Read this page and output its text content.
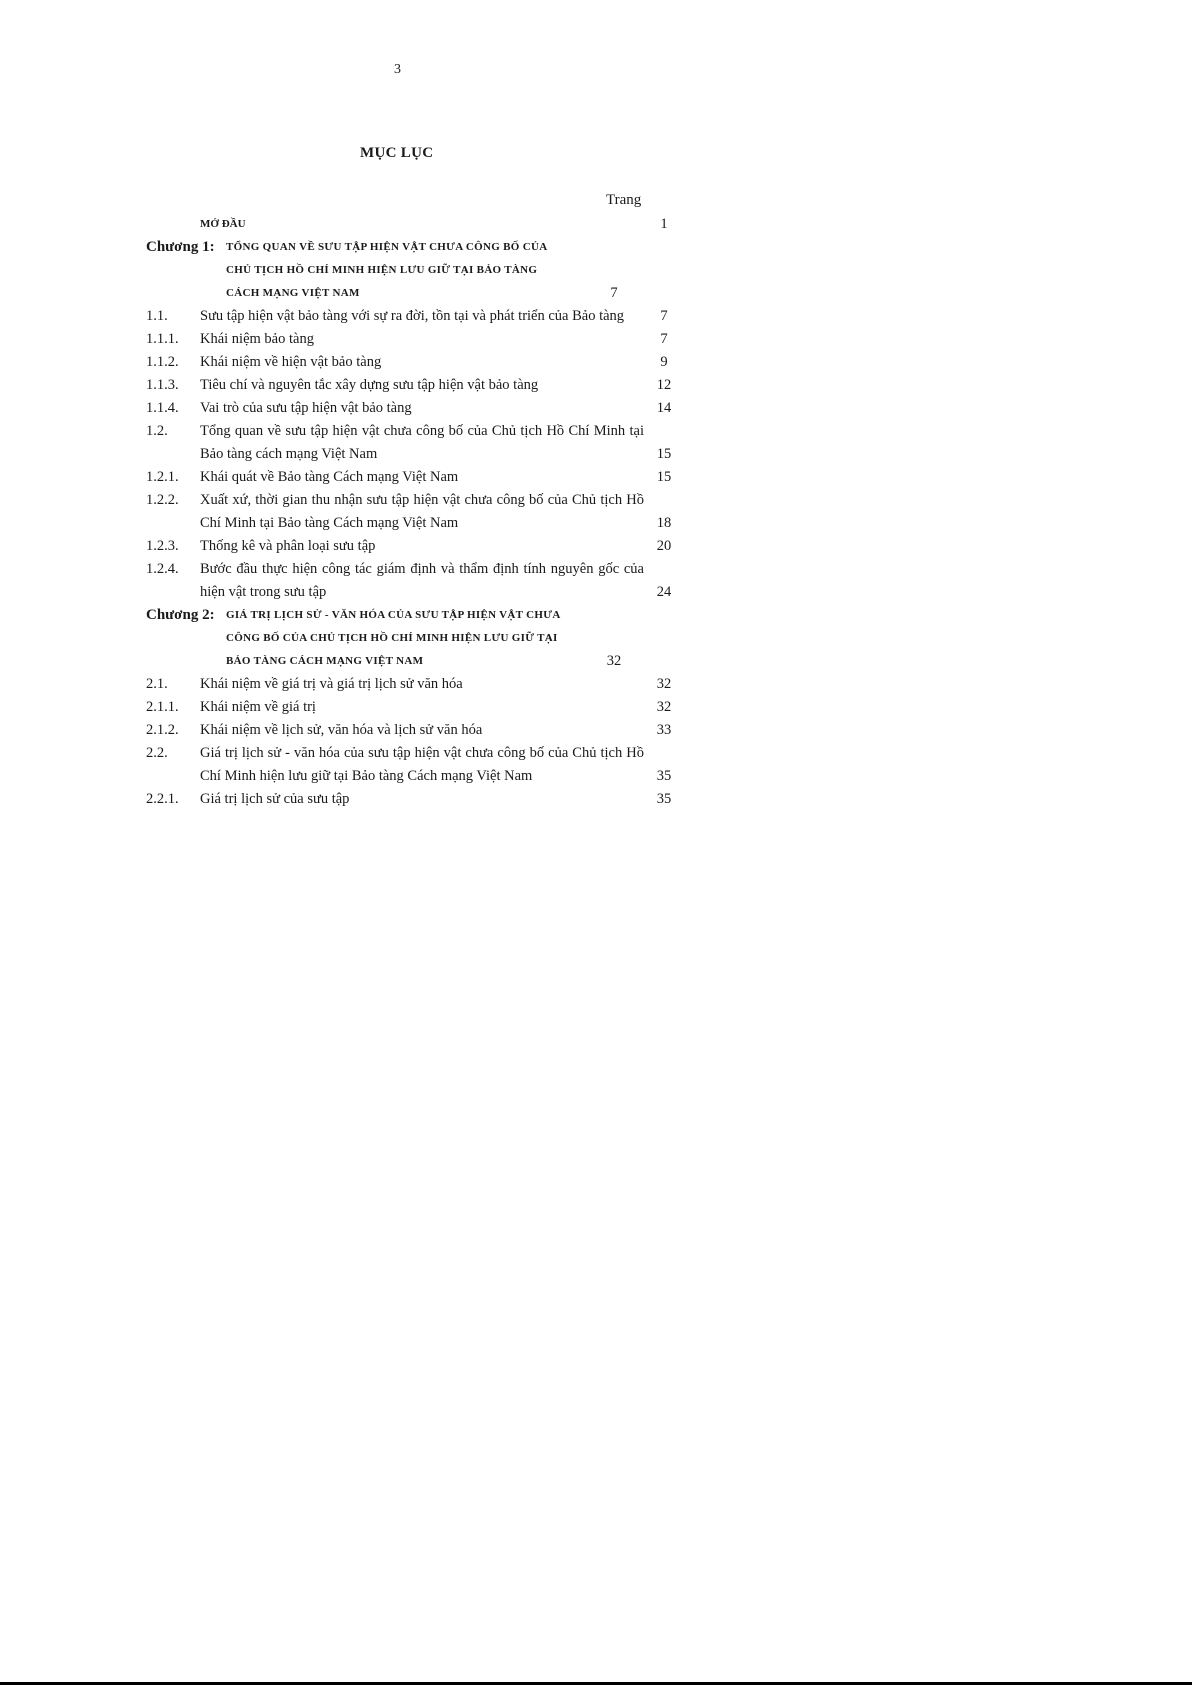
3
MỤC LỤC
Trang
MỞ ĐẦU	1
Chương 1:	TỔNG QUAN VỀ SƯU TẬP HIỆN VẬT CHƯA CÔNG BỐ CỦA
CHỦ TỊCH HỒ CHÍ MINH HIỆN LƯU GIỮ TẠI BẢO TÀNG
CÁCH MẠNG VIỆT NAM	7
1.1.	Sưu tập hiện vật bảo tàng với sự ra đời, tồn tại và phát triển của Bảo tàng	7
1.1.1.	Khái niệm bảo tàng	7
1.1.2.	Khái niệm về hiện vật bảo tàng	9
1.1.3.	Tiêu chí và nguyên tắc xây dựng sưu tập hiện vật bảo tàng	12
1.1.4.	Vai trò của sưu tập hiện vật bảo tàng	14
1.2.	Tổng quan về sưu tập hiện vật chưa công bố của Chủ tịch Hồ Chí Minh tại Bảo tàng cách mạng Việt Nam	15
1.2.1.	Khái quát về Bảo tàng Cách mạng Việt Nam	15
1.2.2.	Xuất xứ, thời gian thu nhận sưu tập hiện vật chưa công bố của Chủ tịch Hồ Chí Minh tại Bảo tàng Cách mạng Việt Nam	18
1.2.3.	Thống kê và phân loại sưu tập	20
1.2.4.	Bước đầu thực hiện công tác giám định và thẩm định tính nguyên gốc của hiện vật trong sưu tập	24
Chương 2:	GIÁ TRỊ LỊCH SỬ - VĂN HÓA CỦA SƯU TẬP HIỆN VẬT CHƯA
CÔNG BỐ CỦA CHỦ TỊCH HỒ CHÍ MINH HIỆN LƯU GIỮ TẠI
BẢO TÀNG CÁCH MẠNG VIỆT NAM	32
2.1.	Khái niệm về giá trị và giá trị lịch sử văn hóa	32
2.1.1.	Khái niệm về giá trị	32
2.1.2.	Khái niệm về lịch sử, văn hóa và lịch sử văn hóa	33
2.2.	Giá trị lịch sử - văn hóa của sưu tập hiện vật chưa công bố của Chủ tịch Hồ Chí Minh hiện lưu giữ tại Bảo tàng Cách mạng Việt Nam	35
2.2.1.	Giá trị lịch sử của sưu tập	35
